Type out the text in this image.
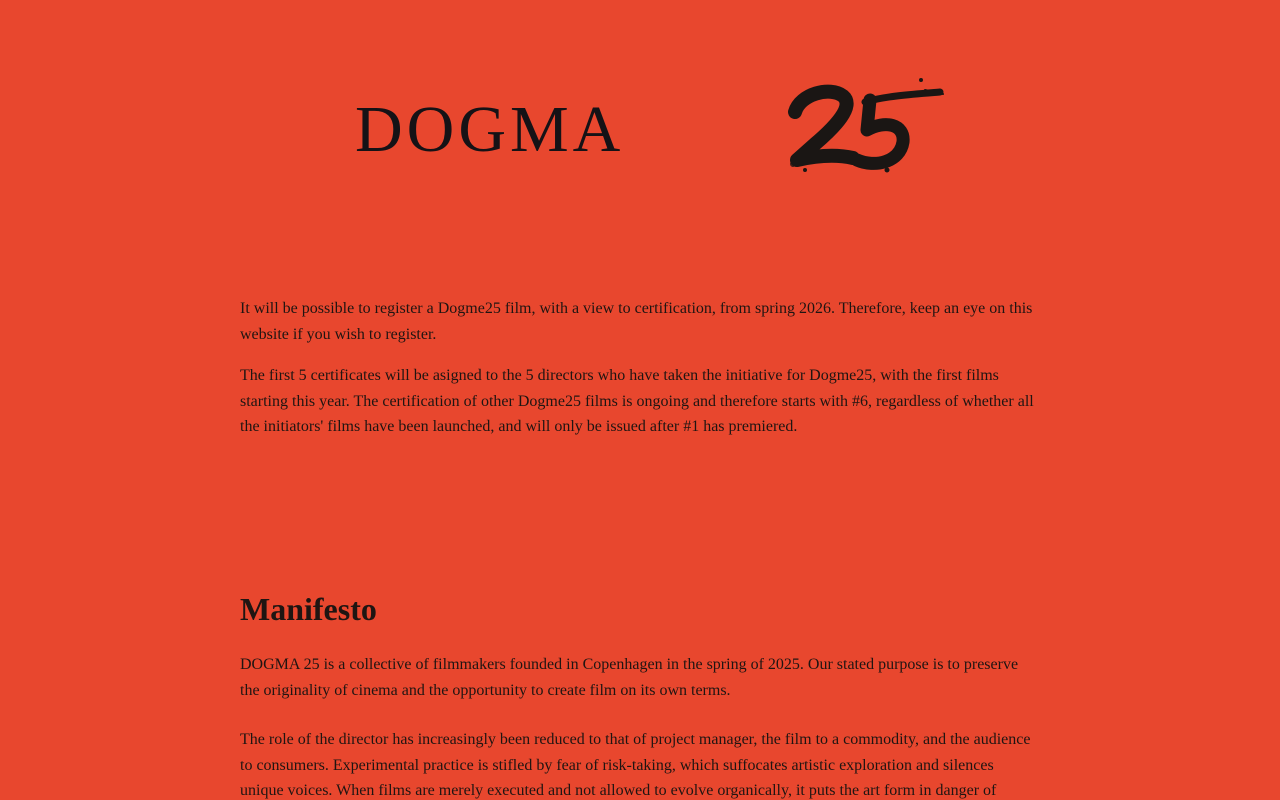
DOGMA

It will be possible to register a Dogme25 film, with a view to certification, from spring 2026. Therefore, keep an eye on this website if you wish to register.

The first 5 certificates will be asigned to the 5 directors who have taken the initiative for Dogme25, with the first films starting this year. The certification of other Dogme25 films is ongoing and therefore starts with #6, regardless of whether all the initiators' films have been launched, and will only be issued after #1 has premiered.

Manifesto

DOGMA 25 is a collective of filmmakers founded in Copenhagen in the spring of 2025. Our stated purpose is to preserve the originality of cinema and the opportunity to create film on its own terms.

The role of the director has increasingly been reduced to that of project manager, the film to a commodity, and the audience to consumers. Experimental practice is stifled by fear of risk-taking, which suffocates artistic exploration and silences unique voices. When films are merely executed and not allowed to evolve organically, it puts the art form in danger of
